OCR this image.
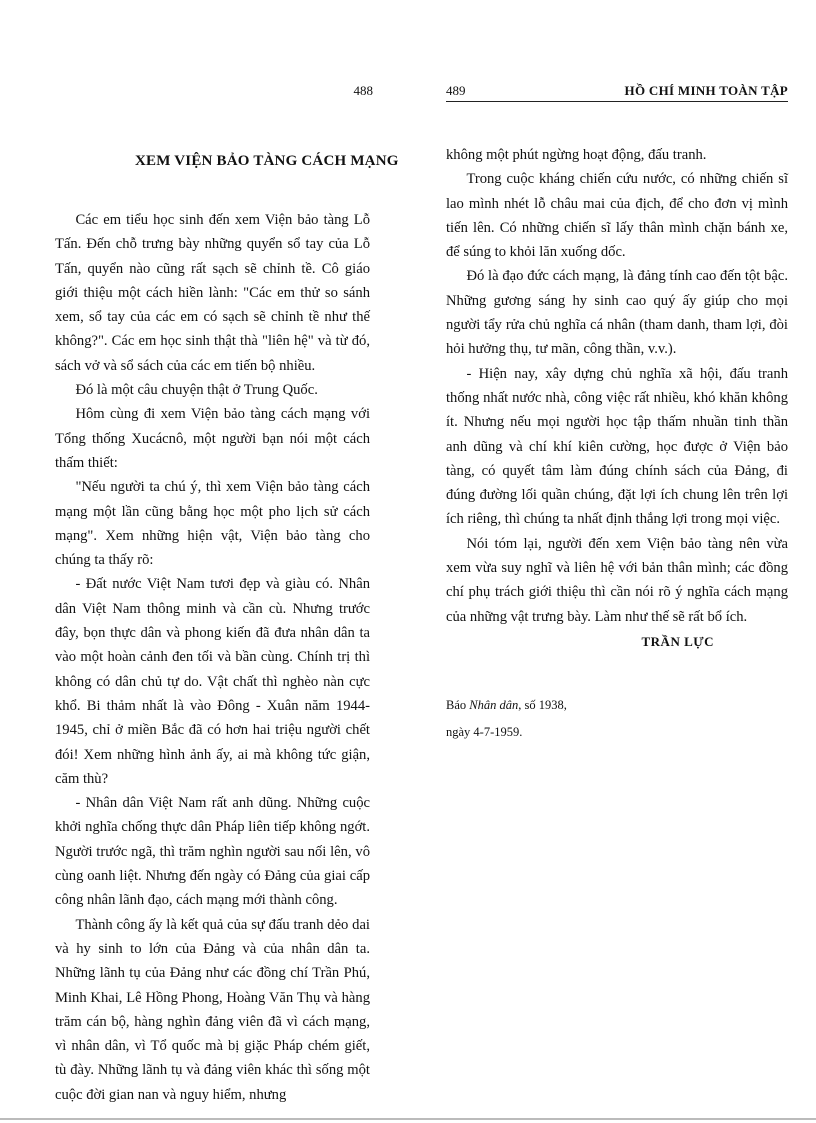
488
XEM VIỆN BẢO TÀNG CÁCH MẠNG

Các em tiểu học sinh đến xem Viện bảo tàng Lỗ Tấn. Đến chỗ trưng bày những quyển sổ tay của Lỗ Tấn, quyển nào cũng rất sạch sẽ chỉnh tề. Cô giáo giới thiệu một cách hiền lành: "Các em thử so sánh xem, sổ tay của các em có sạch sẽ chỉnh tề như thế không?". Các em học sinh thật thà "liên hệ" và từ đó, sách vở và sổ sách của các em tiến bộ nhiều.

Đó là một câu chuyện thật ở Trung Quốc.

Hôm cùng đi xem Viện bảo tàng cách mạng với Tổng thống Xucácnô, một người bạn nói một cách thấm thiết:

"Nếu người ta chú ý, thì xem Viện bảo tàng cách mạng một lần cũng bằng học một pho lịch sử cách mạng". Xem những hiện vật, Viện bảo tàng cho chúng ta thấy rõ:

- Đất nước Việt Nam tươi đẹp và giàu có. Nhân dân Việt Nam thông minh và cần cù. Nhưng trước đây, bọn thực dân và phong kiến đã đưa nhân dân ta vào một hoàn cảnh đen tối và bần cùng. Chính trị thì không có dân chủ tự do. Vật chất thì nghèo nàn cực khổ. Bi thảm nhất là vào Đông - Xuân năm 1944-1945, chỉ ở miền Bắc đã có hơn hai triệu người chết đói! Xem những hình ảnh ấy, ai mà không tức giận, căm thù?

- Nhân dân Việt Nam rất anh dũng. Những cuộc khởi nghĩa chống thực dân Pháp liên tiếp không ngớt. Người trước ngã, thì trăm nghìn người sau nối lên, vô cùng oanh liệt. Nhưng đến ngày có Đảng của giai cấp công nhân lãnh đạo, cách mạng mới thành công.

Thành công ấy là kết quả của sự đấu tranh dẻo dai và hy sinh to lớn của Đảng và của nhân dân ta. Những lãnh tụ của Đảng như các đồng chí Trần Phú, Minh Khai, Lê Hồng Phong, Hoàng Văn Thụ và hàng trăm cán bộ, hàng nghìn đảng viên đã vì cách mạng, vì nhân dân, vì Tổ quốc mà bị giặc Pháp chém giết, tù đày. Những lãnh tụ và đảng viên khác thì sống một cuộc đời gian nan và nguy hiểm, nhưng

489	HỒ CHÍ MINH TOÀN TẬP

không một phút ngừng hoạt động, đấu tranh.

Trong cuộc kháng chiến cứu nước, có những chiến sĩ lao mình nhét lỗ châu mai của địch, để cho đơn vị mình tiến lên. Có những chiến sĩ lấy thân mình chặn bánh xe, để súng to khỏi lăn xuống dốc.

Đó là đạo đức cách mạng, là đảng tính cao đến tột bậc. Những gương sáng hy sinh cao quý ấy giúp cho mọi người tẩy rửa chủ nghĩa cá nhân (tham danh, tham lợi, đòi hỏi hưởng thụ, tư mãn, công thần, v.v.).

- Hiện nay, xây dựng chủ nghĩa xã hội, đấu tranh thống nhất nước nhà, công việc rất nhiều, khó khăn không ít. Nhưng nếu mọi người học tập thấm nhuần tinh thần anh dũng và chí khí kiên cường, học được ở Viện bảo tàng, có quyết tâm làm đúng chính sách của Đảng, đi đúng đường lối quần chúng, đặt lợi ích chung lên trên lợi ích riêng, thì chúng ta nhất định thắng lợi trong mọi việc.

Nói tóm lại, người đến xem Viện bảo tàng nên vừa xem vừa suy nghĩ và liên hệ với bản thân mình; các đồng chí phụ trách giới thiệu thì cần nói rõ ý nghĩa cách mạng của những vật trưng bày. Làm như thế sẽ rất bổ ích.

TRẦN LỰC
Báo Nhân dân, số 1938,
ngày 4-7-1959.
